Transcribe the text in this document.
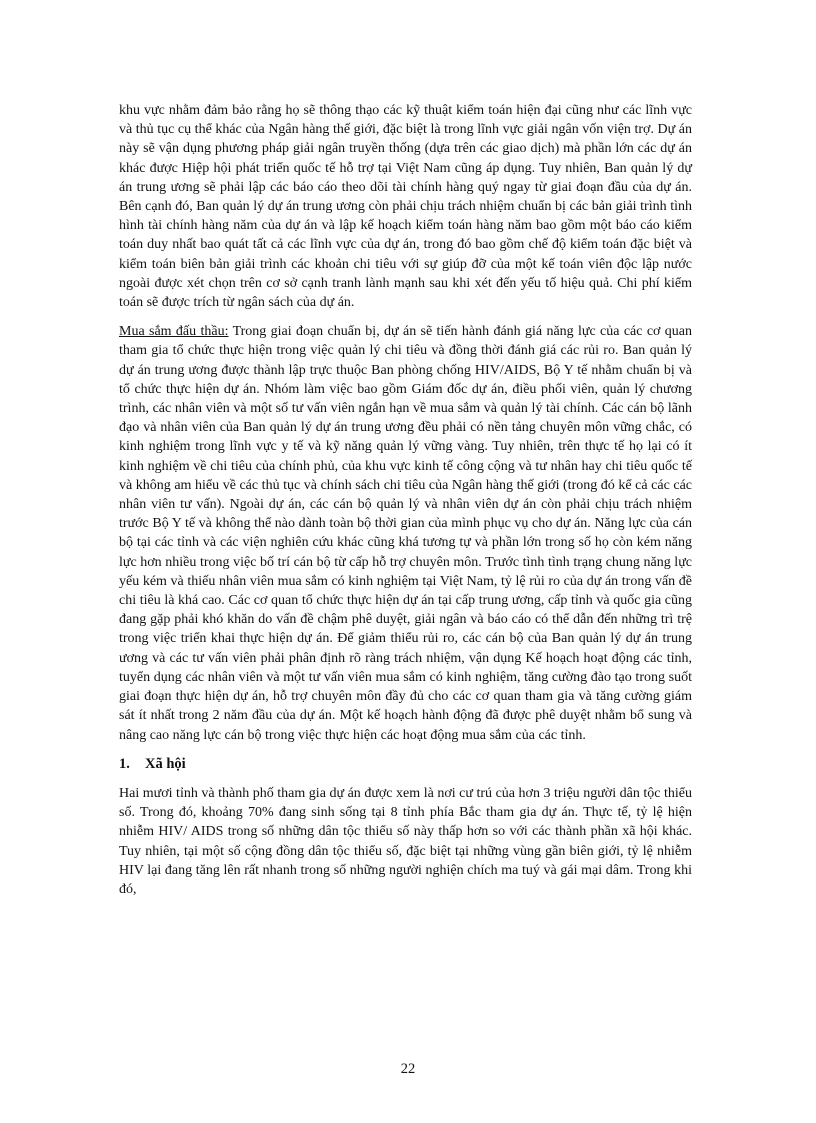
khu vực nhằm đảm bảo rằng họ sẽ thông thạo các kỹ thuật kiểm toán hiện đại cũng như các lĩnh vực và thủ tục cụ thể khác của Ngân hàng thế giới, đặc biệt là trong lĩnh vực giải ngân vốn viện trợ. Dự án này sẽ vận dụng phương pháp giải ngân truyền thống (dựa trên các giao dịch) mà phần lớn các dự án khác được Hiệp hội phát triển quốc tế hỗ trợ tại Việt Nam cũng áp dụng. Tuy nhiên, Ban quản lý dự án trung ương sẽ phải lập các báo cáo theo dõi tài chính hàng quý ngay từ giai đoạn đầu của dự án. Bên cạnh đó, Ban quản lý dự án trung ương còn phải chịu trách nhiệm chuẩn bị các bản giải trình tình hình tài chính hàng năm của dự án và lập kế hoạch kiểm toán hàng năm bao gồm một báo cáo kiểm toán duy nhất bao quát tất cả các lĩnh vực của dự án, trong đó bao gồm chế độ kiểm toán đặc biệt và kiểm toán biên bản giải trình các khoản chi tiêu với sự giúp đỡ của một kế toán viên độc lập nước ngoài được xét chọn trên cơ sở cạnh tranh lành mạnh sau khi xét đến yếu tố hiệu quả. Chi phí kiểm toán sẽ được trích từ ngân sách của dự án.

Mua sắm đấu thầu: Trong giai đoạn chuẩn bị, dự án sẽ tiến hành đánh giá năng lực của các cơ quan tham gia tổ chức thực hiện trong việc quản lý chi tiêu và đồng thời đánh giá các rủi ro. Ban quản lý dự án trung ương được thành lập trực thuộc Ban phòng chống HIV/AIDS, Bộ Y tế nhằm chuẩn bị và tổ chức thực hiện dự án. Nhóm làm việc bao gồm Giám đốc dự án, điều phối viên, quản lý chương trình, các nhân viên và một số tư vấn viên ngắn hạn về mua sắm và quản lý tài chính. Các cán bộ lãnh đạo và nhân viên của Ban quản lý dự án trung ương đều phải có nền tảng chuyên môn vững chắc, có kinh nghiệm trong lĩnh vực y tế và kỹ năng quản lý vững vàng. Tuy nhiên, trên thực tế họ lại có ít kinh nghiệm về chi tiêu của chính phủ, của khu vực kinh tế công cộng và tư nhân hay chi tiêu quốc tế và không am hiểu về các thủ tục và chính sách chi tiêu của Ngân hàng thế giới (trong đó kể cả các các nhân viên tư vấn). Ngoài dự án, các cán bộ quản lý và nhân viên dự án còn phải chịu trách nhiệm trước Bộ Y tế và không thể nào dành toàn bộ thời gian của mình phục vụ cho dự án. Năng lực của cán bộ tại các tỉnh và các viện nghiên cứu khác cũng khá tương tự và phần lớn trong số họ còn kém năng lực hơn nhiều trong việc bố trí cán bộ từ cấp hỗ trợ chuyên môn. Trước tình tình trạng chung năng lực yếu kém và thiếu nhân viên mua sắm có kinh nghiệm tại Việt Nam, tỷ lệ rủi ro của dự án trong vấn đề chi tiêu là khá cao. Các cơ quan tổ chức thực hiện dự án tại cấp trung ương, cấp tỉnh và quốc gia cũng đang gặp phải khó khăn do vấn đề chậm phê duyệt, giải ngân và báo cáo có thể dẫn đến những trì trệ trong việc triển khai thực hiện dự án. Để giảm thiểu rủi ro, các cán bộ của Ban quản lý dự án trung ương và các tư vấn viên phải phân định rõ ràng trách nhiệm, vận dụng Kế hoạch hoạt động các tỉnh, tuyển dụng các nhân viên và một tư vấn viên mua sắm có kinh nghiệm, tăng cường đào tạo trong suốt giai đoạn thực hiện dự án, hỗ trợ chuyên môn đầy đủ cho các cơ quan tham gia và tăng cường giám sát ít nhất trong 2 năm đầu của dự án. Một kế hoạch hành động đã được phê duyệt nhằm bổ sung và nâng cao năng lực cán bộ trong việc thực hiện các hoạt động mua sắm của các tỉnh.

1. Xã hội

Hai mươi tỉnh và thành phố tham gia dự án được xem là nơi cư trú của hơn 3 triệu người dân tộc thiểu số. Trong đó, khoảng 70% đang sinh sống tại 8 tỉnh phía Bắc tham gia dự án. Thực tế, tỷ lệ hiện nhiễm HIV/ AIDS trong số những dân tộc thiểu số này thấp hơn so với các thành phần xã hội khác. Tuy nhiên, tại một số cộng đồng dân tộc thiểu số, đặc biệt tại những vùng gần biên giới, tỷ lệ nhiễm HIV lại đang tăng lên rất nhanh trong số những người nghiện chích ma tuý và gái mại dâm. Trong khi đó,

22
